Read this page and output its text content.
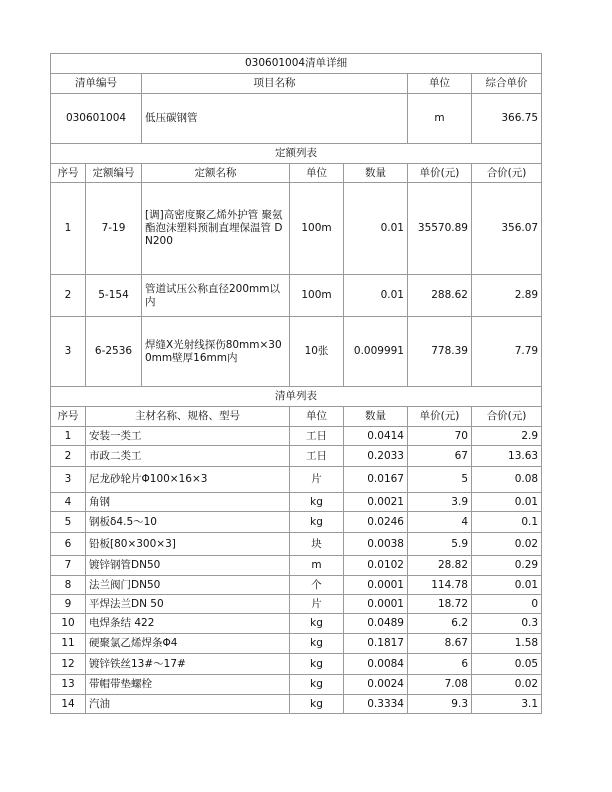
030601004清单详细						
清单编号		项目名称			单位	综合单价
030601004		低压碳钢管			m	366.75
定额列表						
序号	定额编号	定额名称	单位	数量	单价(元)	合价(元)
1	7-19	[调]高密度聚乙烯外护管 聚氨酯泡沫塑料预制直埋保温管 DN200	100m	0.01	35570.89	356.07
2	5-154	管道试压公称直径200mm以内	100m	0.01	288.62	2.89
3	6-2536	焊缝X光射线探伤80mm×300mm壁厚16mm内	10张	0.009991	778.39	7.79
清单列表						
序号	主材名称、规格、型号		单位	数量	单价(元)	合价(元)
1	安装一类工		工日	0.0414	70	2.9
2	市政二类工		工日	0.2033	67	13.63
3	尼龙砂轮片Φ100×16×3		片	0.0167	5	0.08
4	角钢		kg	0.0021	3.9	0.01
5	钢板δ4.5～10		kg	0.0246	4	0.1
6	铅板[80×300×3]		块	0.0038	5.9	0.02
7	镀锌钢管DN50		m	0.0102	28.82	0.29
8	法兰阀门DN50		个	0.0001	114.78	0.01
9	平焊法兰DN 50		片	0.0001	18.72	0
10	电焊条结 422		kg	0.0489	6.2	0.3
11	硬聚氯乙烯焊条Φ4		kg	0.1817	8.67	1.58
12	镀锌铁丝13#～17#		kg	0.0084	6	0.05
13	带帽带垫螺栓		kg	0.0024	7.08	0.02
14	汽油		kg	0.3334	9.3	3.1
